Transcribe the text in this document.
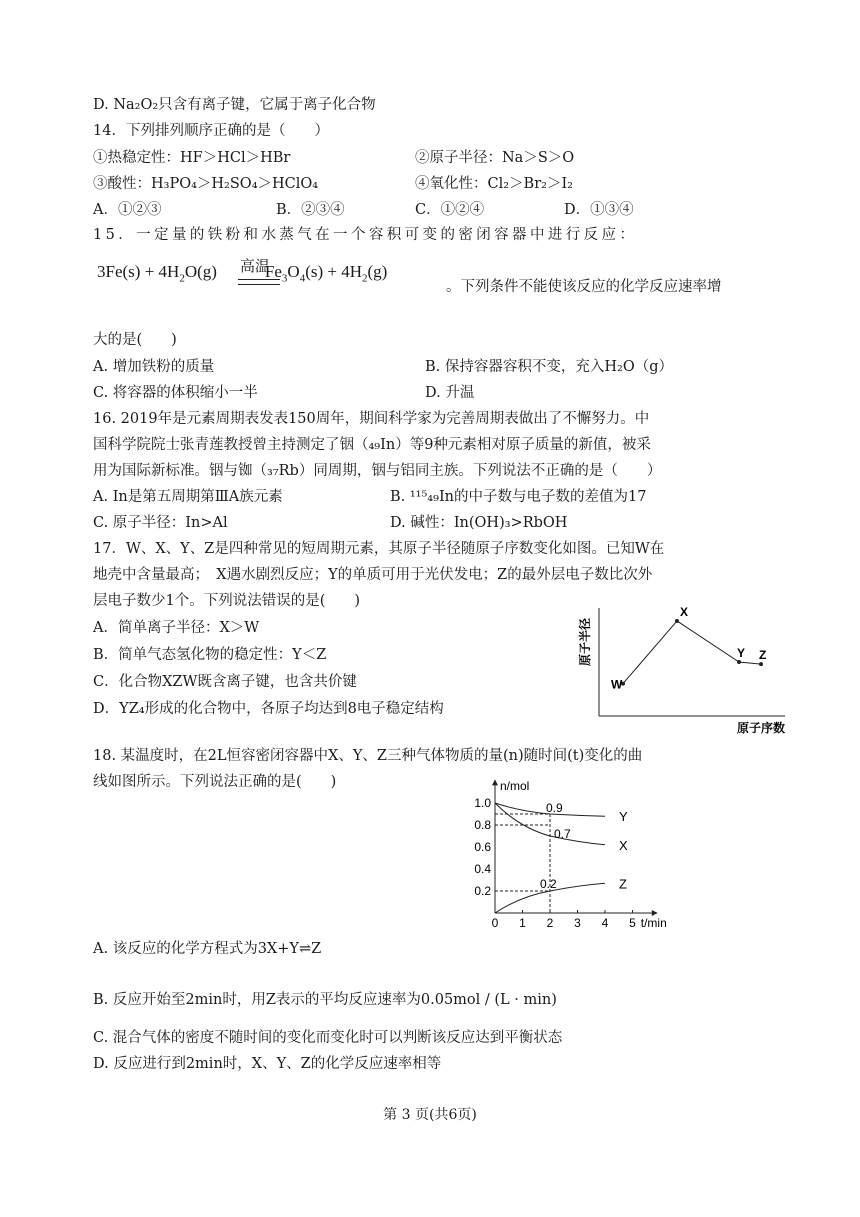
D. Na₂O₂只含有离子键，它属于离子化合物
14．下列排列顺序正确的是（　　）
①热稳定性：HF＞HCl＞HBr	②原子半径：Na＞S＞O
③酸性：H₃PO₄＞H₂SO₄＞HClO₄	④氧化性：Cl₂＞Br₂＞I₂
A．①②③	B．②③④	C．①②④	D．①③④
15．一定量的铁粉和水蒸气在一个容积可变的密闭容器中进行反应：
$3Fe(s) + 4H_2O(g)$	$Fe_3O_4(s) + 4H_2(g)$
高温
。下列条件不能使该反应的化学反应速率增
大的是(　　)
A. 增加铁粉的质量	B. 保持容器容积不变，充入H₂O（g）
C. 将容器的体积缩小一半	D. 升温
16. 2019年是元素周期表发表150周年，期间科学家为完善周期表做出了不懈努力。中
国科学院院士张青莲教授曾主持测定了铟（₄₉In）等9种元素相对原子质量的新值，被采
用为国际新标准。铟与铷（₃₇Rb）同周期，铟与铝同主族。下列说法不正确的是（　　）
A. In是第五周期第ⅢA族元素	B. ¹¹⁵₄₉In的中子数与电子数的差值为17
C. 原子半径：In>Al	D. 碱性：In(OH)₃>RbOH
17．W、X、Y、Z是四种常见的短周期元素，其原子半径随原子序数变化如图。已知W在
地壳中含量最高；　X遇水剧烈反应；Y的单质可用于光伏发电；Z的最外层电子数比次外
层电子数少1个。下列说法错误的是(　　)
A．简单离子半径：X＞W
B．简单气态氢化物的稳定性：Y＜Z
C．化合物XZW既含离子键，也含共价键
D．YZ₄形成的化合物中，各原子均达到8电子稳定结构
原子序数
原子半径
W
X
Y Z
18. 某温度时，在2L恒容密闭容器中X、Y、Z三种气体物质的量(n)随时间(t)变化的曲
线如图所示。下列说法正确的是(　　)	n/mol
t/min
0 1 2 3 4 5
0.2
0.4
0.6
0.8
1.0
Y
X
Z
0.9
0.7
0.2
A. 该反应的化学方程式为3X+Y⇌Z
B. 反应开始至2min时，用Z表示的平均反应速率为0.05mol / (L · min)
C. 混合气体的密度不随时间的变化而变化时可以判断该反应达到平衡状态
D. 反应进行到2min时，X、Y、Z的化学反应速率相等
第 3 页(共6页)
